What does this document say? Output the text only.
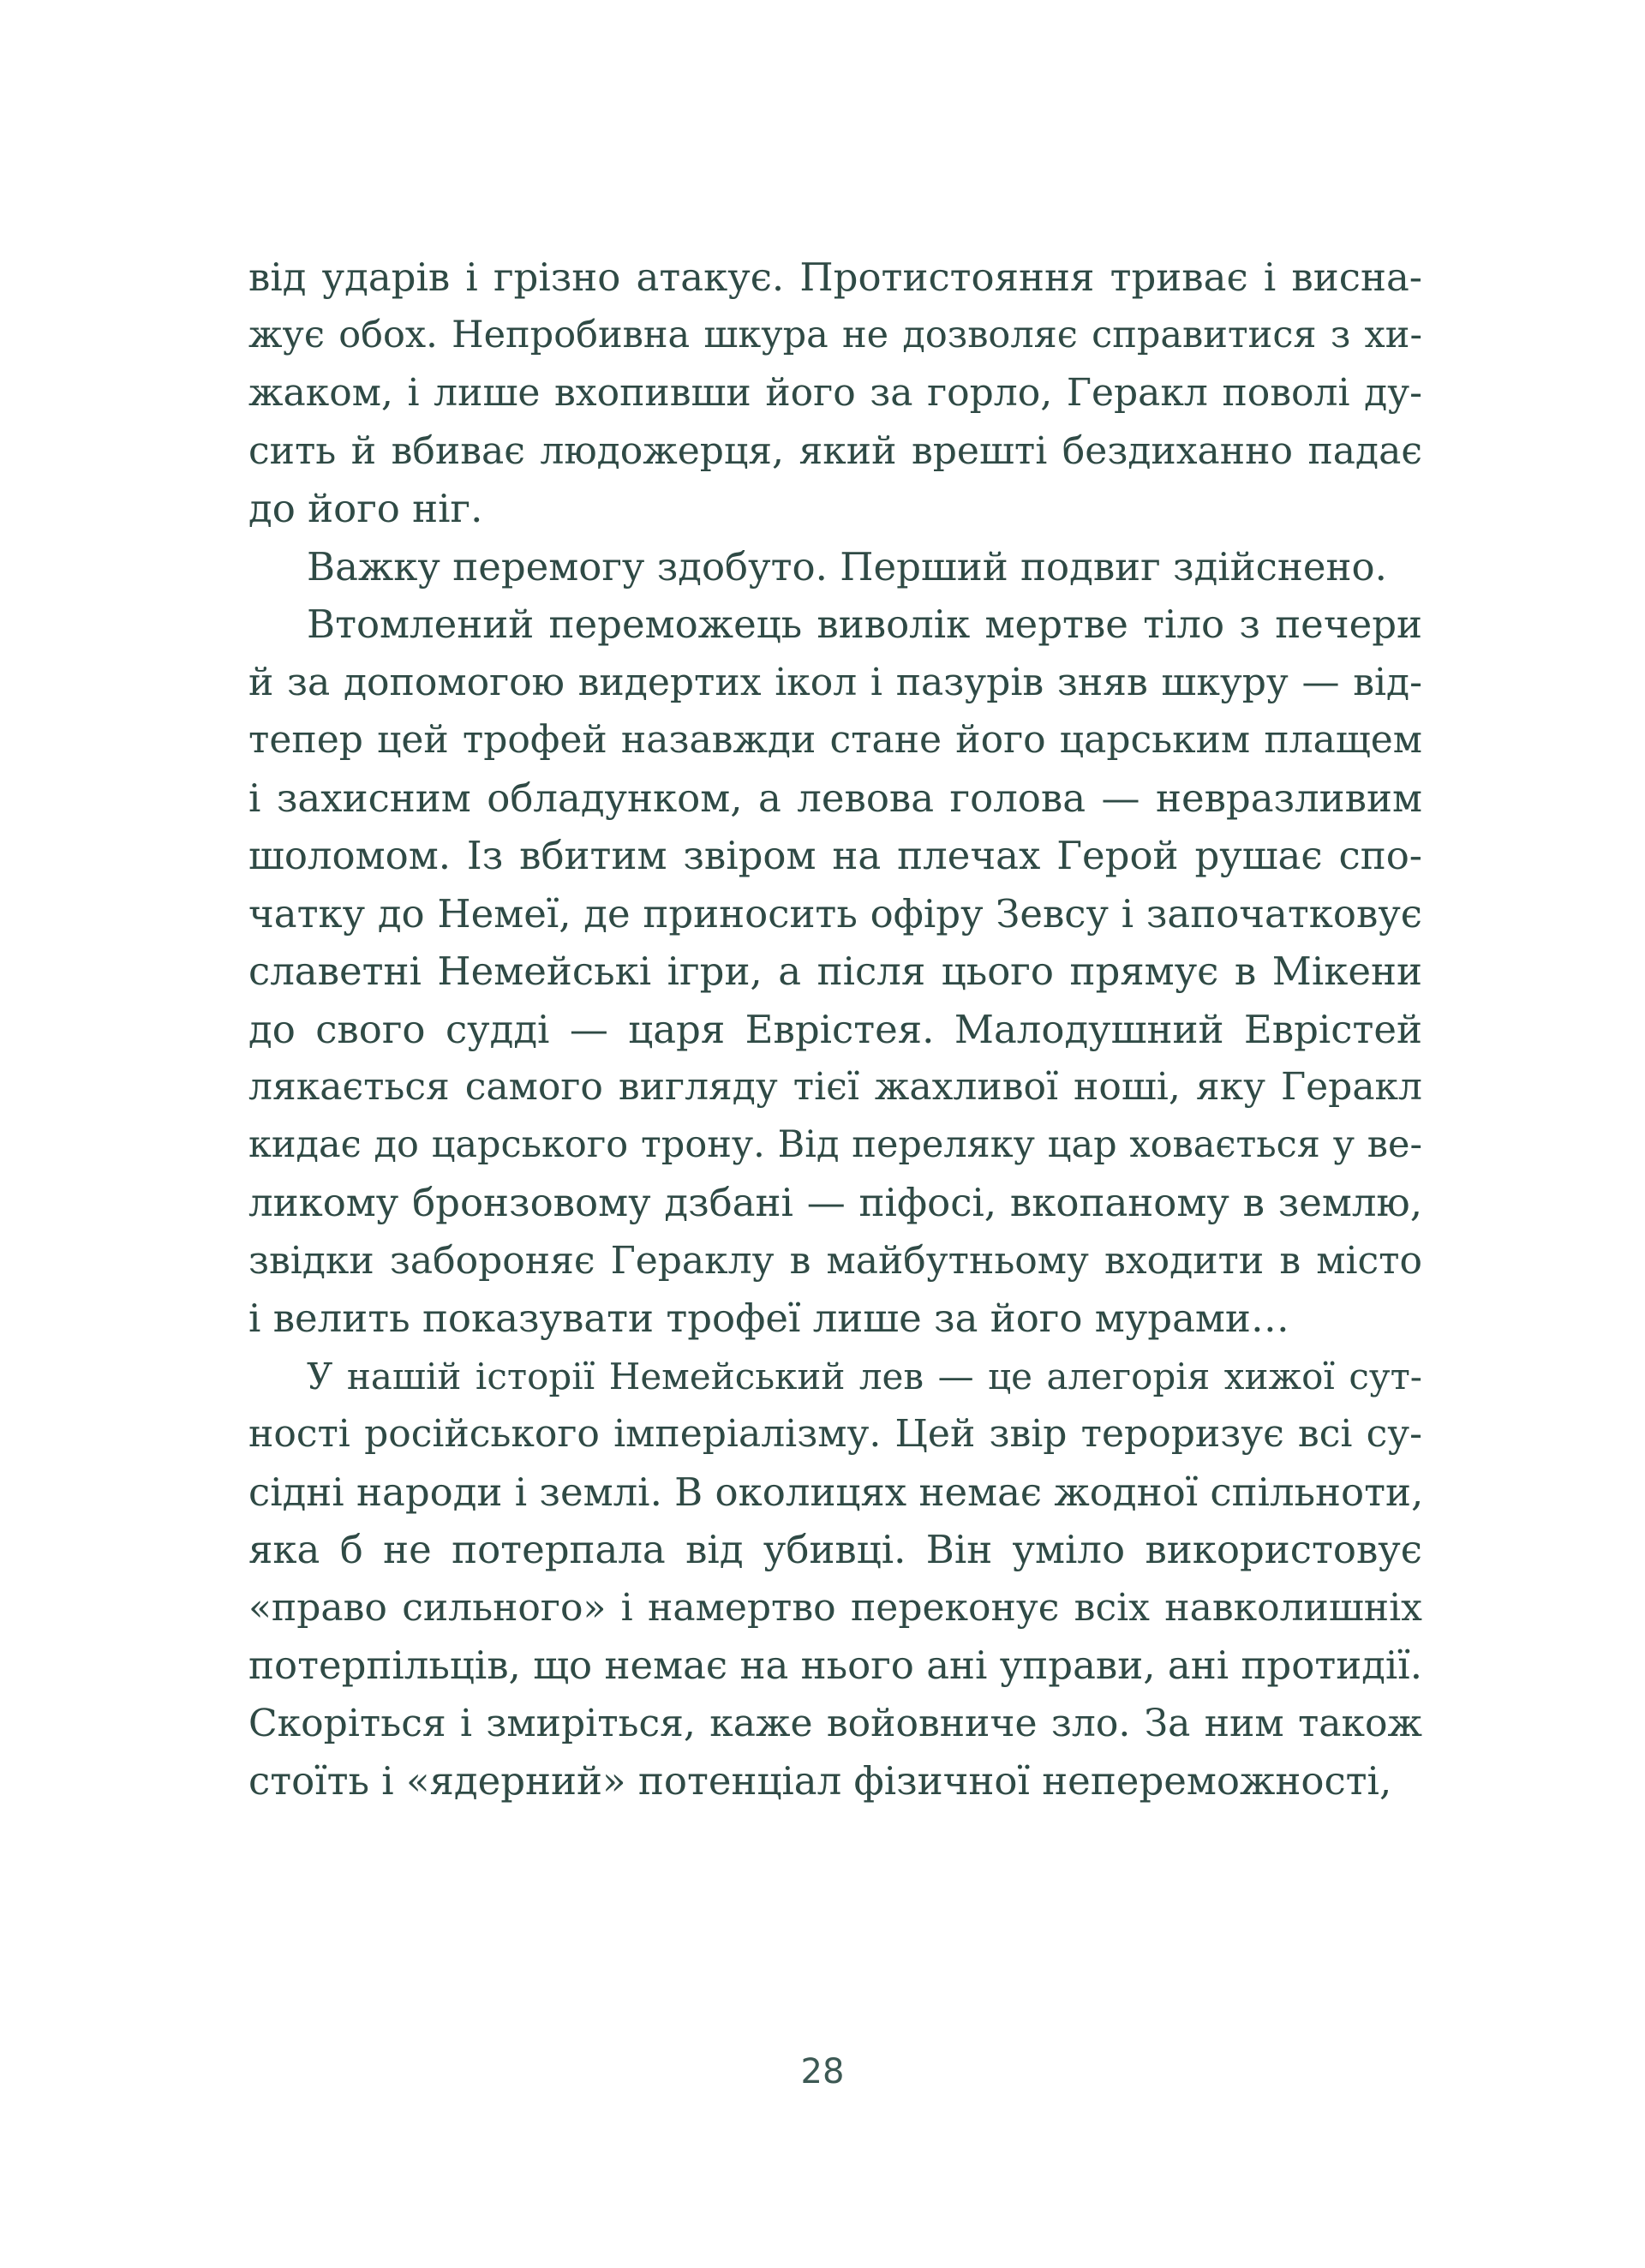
від ударів і грізно атакує. Протистояння триває і висна-
жує обох. Непробивна шкура не дозволяє справитися з хи-
жаком, і лише вхопивши його за горло, Геракл поволі ду-
сить й вбиває людожерця, який врешті бездиханно падає
до його ніг.
Важку перемогу здобуто. Перший подвиг здійснено.
Втомлений переможець виволік мертве тіло з печери
й за допомогою видертих ікол і пазурів зняв шкуру — від-
тепер цей трофей назавжди стане його царським плащем
і захисним обладунком, а левова голова — невразливим
шоломом. Із вбитим звіром на плечах Герой рушає спо-
чатку до Немеї, де приносить офіру Зевсу і започатковує
славетні Немейські ігри, а після цього прямує в Мікени
до свого судді — царя Еврістея. Малодушний Еврістей
лякається самого вигляду тієї жахливої ноші, яку Геракл
кидає до царського трону. Від переляку цар ховається у ве-
ликому бронзовому дзбані — піфосі, вкопаному в землю,
звідки забороняє Гераклу в майбутньому входити в місто
і велить показувати трофеї лише за його мурами…
У нашій історії Немейський лев — це алегорія хижої сут-
ності російського імперіалізму. Цей звір тероризує всі су-
сідні народи і землі. В околицях немає жодної спільноти,
яка б не потерпала від убивці. Він уміло використовує
«право сильного» і намертво переконує всіх навколишніх
потерпільців, що немає на нього ані управи, ані протидії.
Скоріться і змиріться, каже войовниче зло. За ним також
стоїть і «ядерний» потенціал фізичної непереможності,
28
